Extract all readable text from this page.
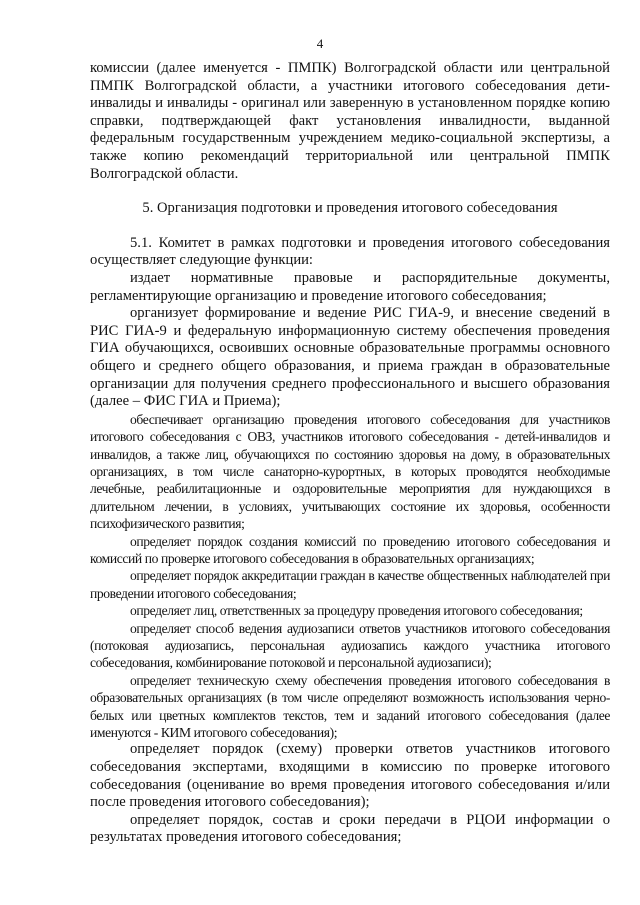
4

комиссии (далее именуется - ПМПК) Волгоградской области или центральной ПМПК Волгоградской области, а участники итогового собеседования дети-инвалиды и инвалиды - оригинал или заверенную в установленном порядке копию справки, подтверждающей факт установления инвалидности, выданной федеральным государственным учреждением медико-социальной экспертизы, а также копию рекомендаций территориальной или центральной ПМПК Волгоградской области.

5. Организация подготовки и проведения итогового собеседования

5.1. Комитет в рамках подготовки и проведения итогового собеседования осуществляет следующие функции:

издает нормативные правовые и распорядительные документы, регламентирующие организацию и проведение итогового собеседования;

организует формирование и ведение РИС ГИА-9, и внесение сведений в РИС ГИА-9 и федеральную информационную систему обеспечения проведения ГИА обучающихся, освоивших основные образовательные программы основного общего и среднего общего образования, и приема граждан в образовательные организации для получения среднего профессионального и высшего образования (далее – ФИС ГИА и Приема);

обеспечивает организацию проведения итогового собеседования для участников итогового собеседования с ОВЗ, участников итогового собеседования - детей-инвалидов и инвалидов, а также лиц, обучающихся по состоянию здоровья на дому, в образовательных организациях, в том числе санаторно-курортных, в которых проводятся необходимые лечебные, реабилитационные и оздоровительные мероприятия для нуждающихся в длительном лечении, в условиях, учитывающих состояние их здоровья, особенности психофизического развития;

определяет порядок создания комиссий по проведению итогового собеседования и комиссий по проверке итогового собеседования в образовательных организациях;

определяет порядок аккредитации граждан в качестве общественных наблюдателей при проведении итогового собеседования;

определяет лиц, ответственных за процедуру проведения итогового собеседования;

определяет способ ведения аудиозаписи ответов участников итогового собеседования (потоковая аудиозапись, персональная аудиозапись каждого участника итогового собеседования, комбинирование потоковой и персональной аудиозаписи);

определяет техническую схему обеспечения проведения итогового собеседования в образовательных организациях (в том числе определяют возможность использования черно-белых или цветных комплектов текстов, тем и заданий итогового собеседования (далее именуются - КИМ итогового собеседования);

определяет порядок (схему) проверки ответов участников итогового собеседования экспертами, входящими в комиссию по проверке итогового собеседования (оценивание во время проведения итогового собеседования и/или после проведения итогового собеседования);

определяет порядок, состав и сроки передачи в РЦОИ информации о результатах проведения итогового собеседования;
